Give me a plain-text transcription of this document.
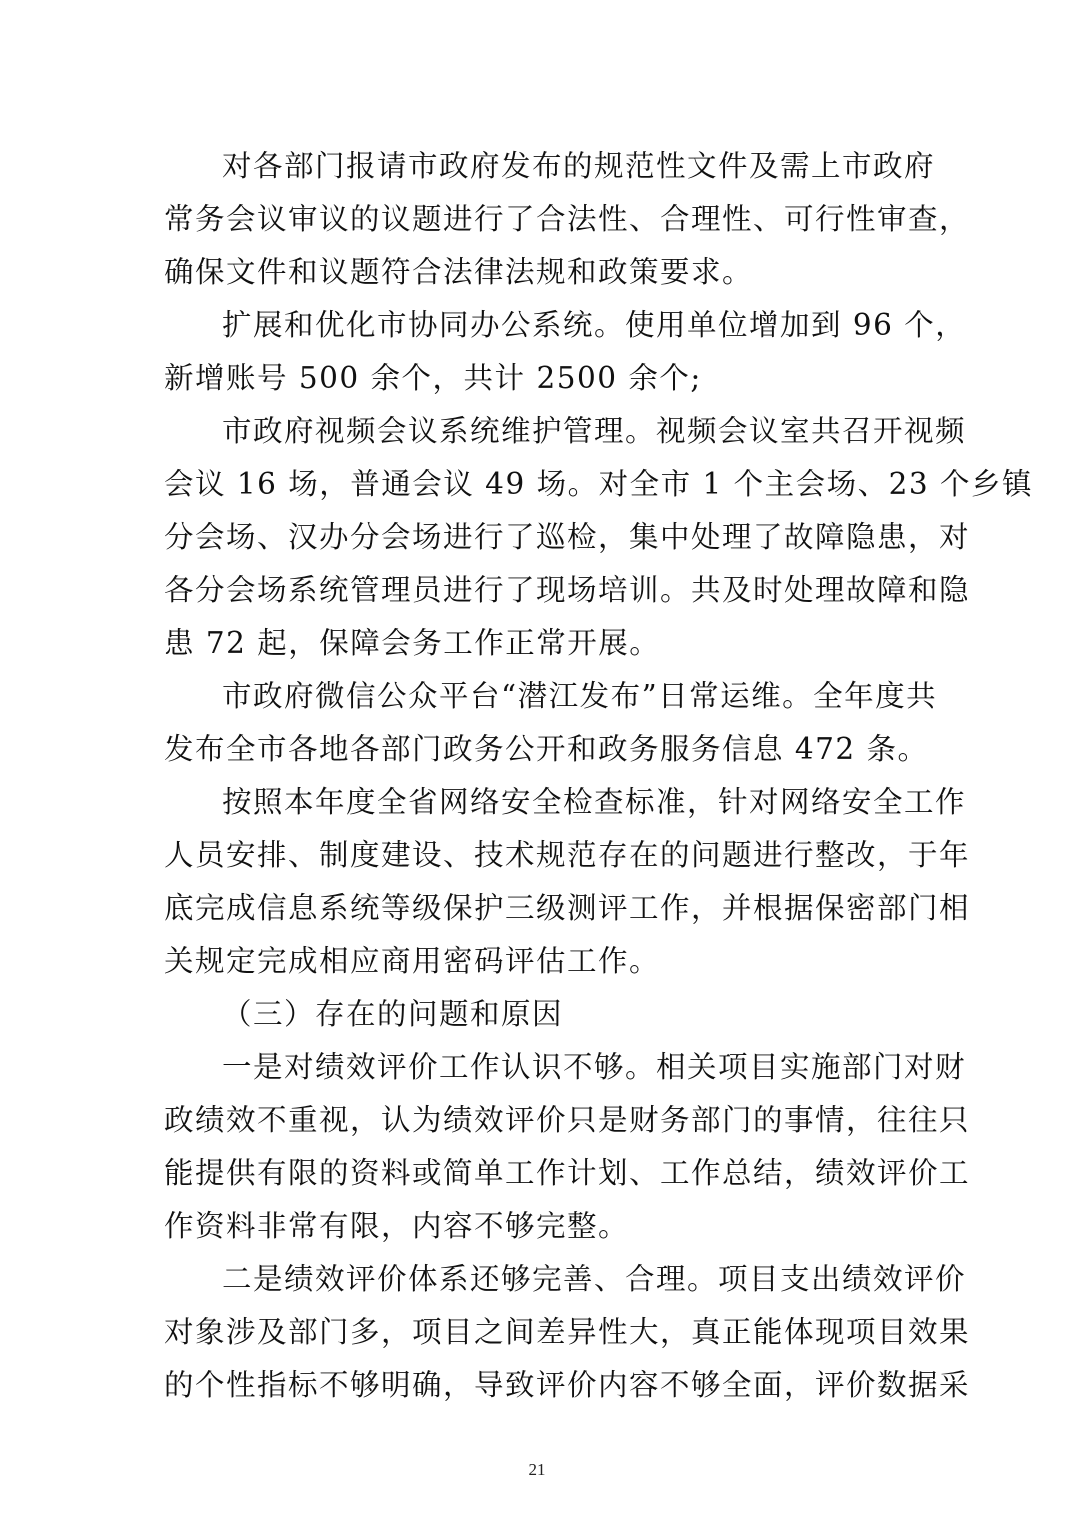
对各部门报请市政府发布的规范性文件及需上市政府
常务会议审议的议题进行了合法性、合理性、可行性审查，
确保文件和议题符合法律法规和政策要求。
扩展和优化市协同办公系统。使用单位增加到 96 个，
新增账号 500 余个，共计 2500 余个;
市政府视频会议系统维护管理。视频会议室共召开视频
会议 16 场，普通会议 49 场。对全市 1 个主会场、23 个乡镇
分会场、汉办分会场进行了巡检，集中处理了故障隐患，对
各分会场系统管理员进行了现场培训。共及时处理故障和隐
患 72 起，保障会务工作正常开展。
市政府微信公众平台“潜江发布”日常运维。全年度共
发布全市各地各部门政务公开和政务服务信息 472 条。
按照本年度全省网络安全检查标准，针对网络安全工作
人员安排、制度建设、技术规范存在的问题进行整改，于年
底完成信息系统等级保护三级测评工作，并根据保密部门相
关规定完成相应商用密码评估工作。
（三）存在的问题和原因
一是对绩效评价工作认识不够。相关项目实施部门对财
政绩效不重视，认为绩效评价只是财务部门的事情，往往只
能提供有限的资料或简单工作计划、工作总结，绩效评价工
作资料非常有限，内容不够完整。
二是绩效评价体系还够完善、合理。项目支出绩效评价
对象涉及部门多，项目之间差异性大，真正能体现项目效果
的个性指标不够明确，导致评价内容不够全面，评价数据采
21
